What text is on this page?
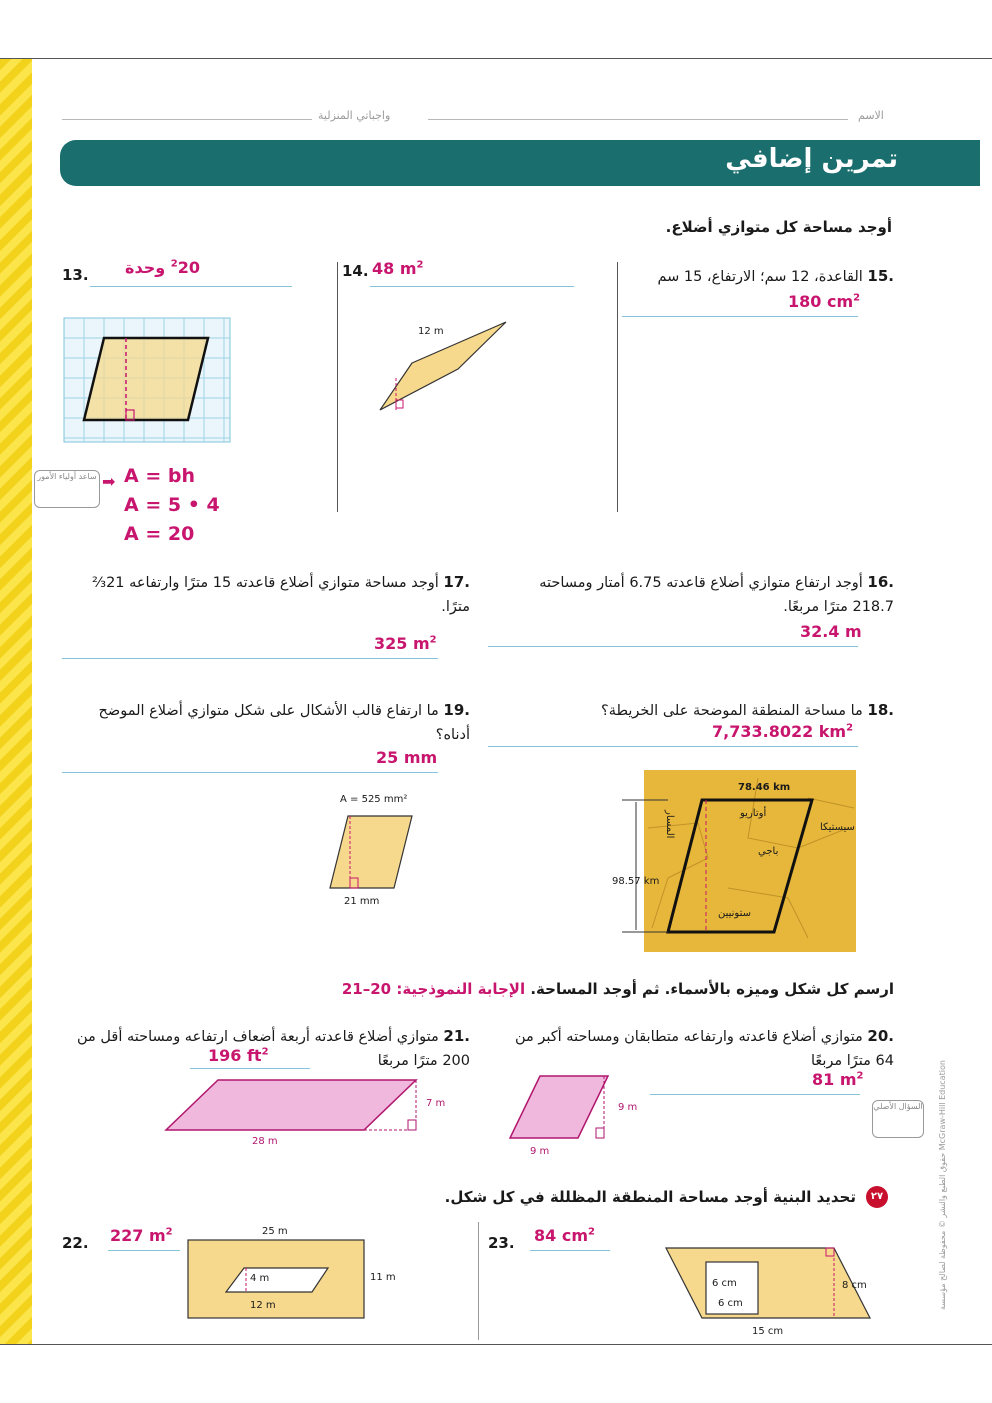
واجباتي المنزلية	الاسم
تمرين إضافي
أوجد مساحة كل متوازي أضلاع.
13.
$^2$20 وحدة
ساعد أولياء الأمور ➡ A = bh
A = 5 • 4
A = 20
14. 48 $m^2$
12 m
.15 القاعدة، 12 سم؛ الارتفاع، 15 سم
180 $cm^2$
.16 أوجد ارتفاع متوازي أضلاع قاعدته 6.75 أمتار ومساحته 218.7 مترًا مربعًا.
32.4 m
.17 أوجد مساحة متوازي أضلاع قاعدته 15 مترًا وارتفاعه 21⅔ مترًا.
325 $m^2$
.18 ما مساحة المنطقة الموضحة على الخريطة؟
7,733.8022 $km^2$
78.46 km
98.57 km
أوتاريو
سيستيكا
باجي
ستونيين
المسار
.19 ما ارتفاع قالب الأشكال على شكل متوازي أضلاع الموضح أدناه؟
25 mm
A = 525 mm²
21 mm
ارسم كل شكل وميزه بالأسماء. ثم أوجد المساحة. الإجابة النموذجية: 20–21
.20 متوازي أضلاع قاعدته وارتفاعه متطابقان ومساحته أكبر من 64 مترًا مربعًا
81 $m^2$
السؤال الأصلي
9 m
9 m
.21 متوازي أضلاع قاعدته أربعة أضعاف ارتفاعه ومساحته أقل من 200 مترًا مربعًا
196 $ft^2$
7 m
28 m
٢٧
تحديد البنية أوجد مساحة المنطقة المظللة في كل شكل.
22. 227 $m^2$	25 m
4 m
12 m
11 m
23. 84 $cm^2$
6 cm
6 cm
8 cm
15 cm
حقوق الطبع والنشر © محفوظة لصالح مؤسسة McGraw-Hill Education
